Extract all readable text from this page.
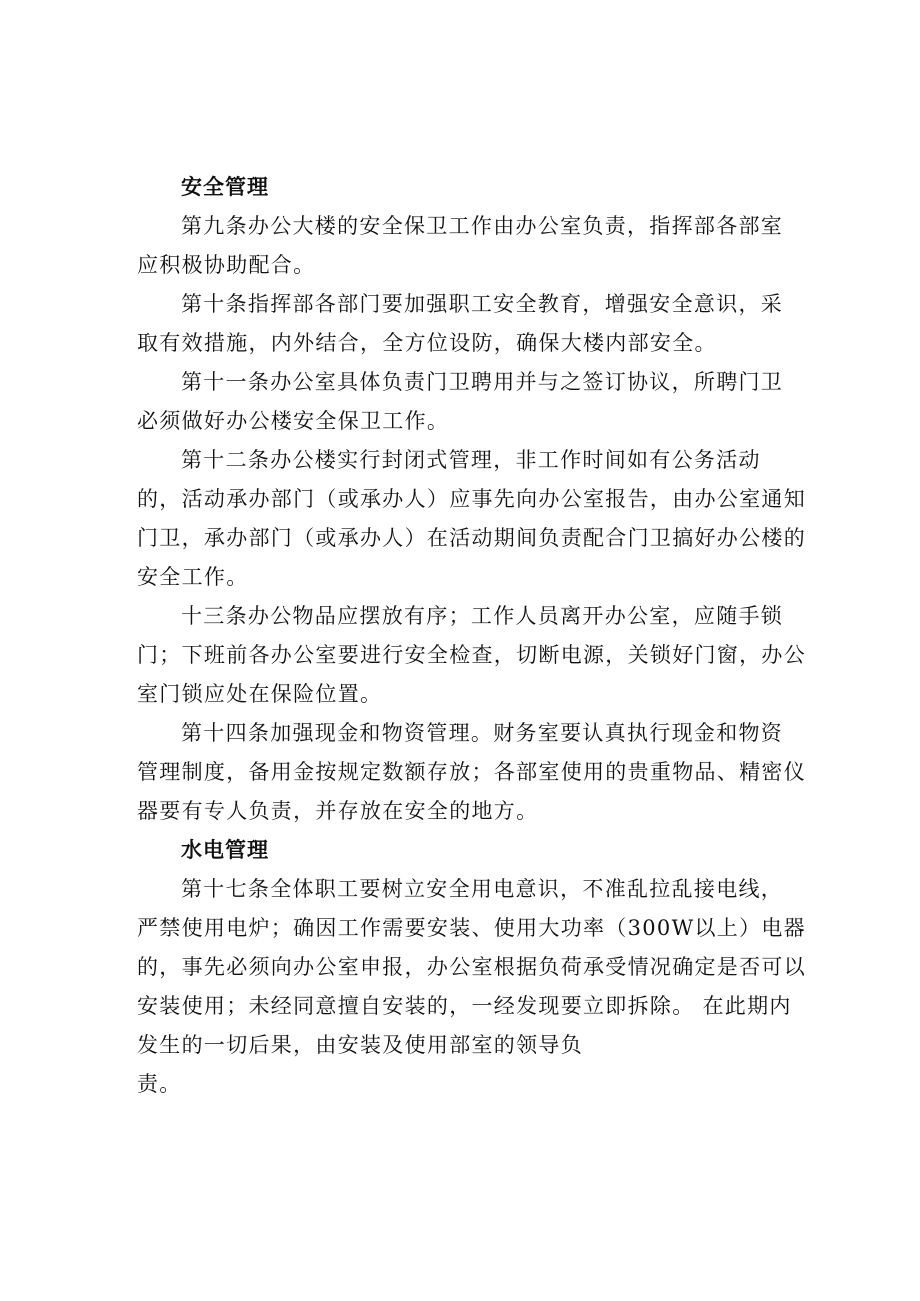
安全管理
第九条办公大楼的安全保卫工作由办公室负责，指挥部各部室
应积极协助配合。
第十条指挥部各部门要加强职工安全教育，增强安全意识，采
取有效措施，内外结合，全方位设防，确保大楼内部安全。
第十一条办公室具体负责门卫聘用并与之签订协议，所聘门卫
必须做好办公楼安全保卫工作。
第十二条办公楼实行封闭式管理，非工作时间如有公务活动
的，活动承办部门（或承办人）应事先向办公室报告，由办公室通知
门卫，承办部门（或承办人）在活动期间负责配合门卫搞好办公楼的
安全工作。
十三条办公物品应摆放有序；工作人员离开办公室，应随手锁
门；下班前各办公室要进行安全检查，切断电源，关锁好门窗，办公
室门锁应处在保险位置。
第十四条加强现金和物资管理。财务室要认真执行现金和物资
管理制度，备用金按规定数额存放；各部室使用的贵重物品、精密仪
器要有专人负责，并存放在安全的地方。
水电管理
第十七条全体职工要树立安全用电意识，不准乱拉乱接电线，
严禁使用电炉；确因工作需要安装、使用大功率（300W以上）电器
的，事先必须向办公室申报，办公室根据负荷承受情况确定是否可以
安装使用；未经同意擅自安装的，一经发现要立即拆除。 在此期内
发生的一切后果，由安装及使用部室的领导负
责。
